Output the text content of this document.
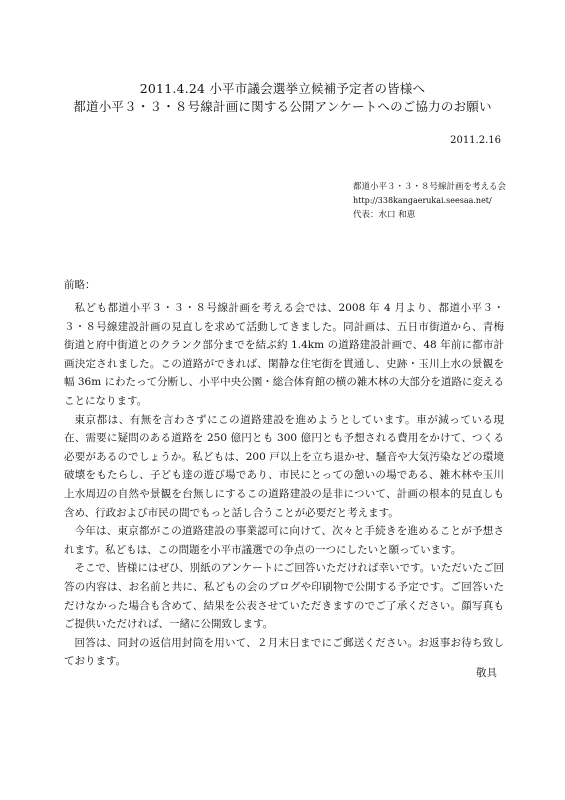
2011.4.24 小平市議会選挙立候補予定者の皆様へ
都道小平３・３・８号線計画に関する公開アンケートへのご協力のお願い
2011.2.16
都道小平３・３・８号線計画を考える会
http://338kangaerukai.seesaa.net/
代表：水口 和恵
前略：

私ども都道小平３・３・８号線計画を考える会では、2008 年 4 月より、都道小平３・３・８号線建設計画の見直しを求めて活動してきました。同計画は、五日市街道から、青梅街道と府中街道とのクランク部分までを結ぶ約 1.4km の道路建設計画で、48 年前に都市計画決定されました。この道路ができれば、閑静な住宅街を貫通し、史跡・玉川上水の景観を幅 36m にわたって分断し、小平中央公園・総合体育館の横の雑木林の大部分を道路に変えることになります。

東京都は、有無を言わさずにこの道路建設を進めようとしています。車が減っている現在、需要に疑問のある道路を 250 億円とも 300 億円とも予想される費用をかけて、つくる必要があるのでしょうか。私どもは、200 戸以上を立ち退かせ、騒音や大気汚染などの環境破壊をもたらし、子ども達の遊び場であり、市民にとっての憩いの場である、雑木林や玉川上水周辺の自然や景観を台無しにするこの道路建設の是非について、計画の根本的見直しも含め、行政および市民の間でもっと話し合うことが必要だと考えます。

今年は、東京都がこの道路建設の事業認可に向けて、次々と手続きを進めることが予想されます。私どもは、この問題を小平市議選での争点の一つにしたいと願っています。

そこで、皆様にはぜひ、別紙のアンケートにご回答いただければ幸いです。いただいたご回答の内容は、お名前と共に、私どもの会のブログや印刷物で公開する予定です。ご回答いただけなかった場合も含めて、結果を公表させていただきますのでご了承ください。顔写真もご提供いただければ、一緒に公開致します。

回答は、同封の返信用封筒を用いて、２月末日までにご郵送ください。お返事お待ち致しております。

敬具
